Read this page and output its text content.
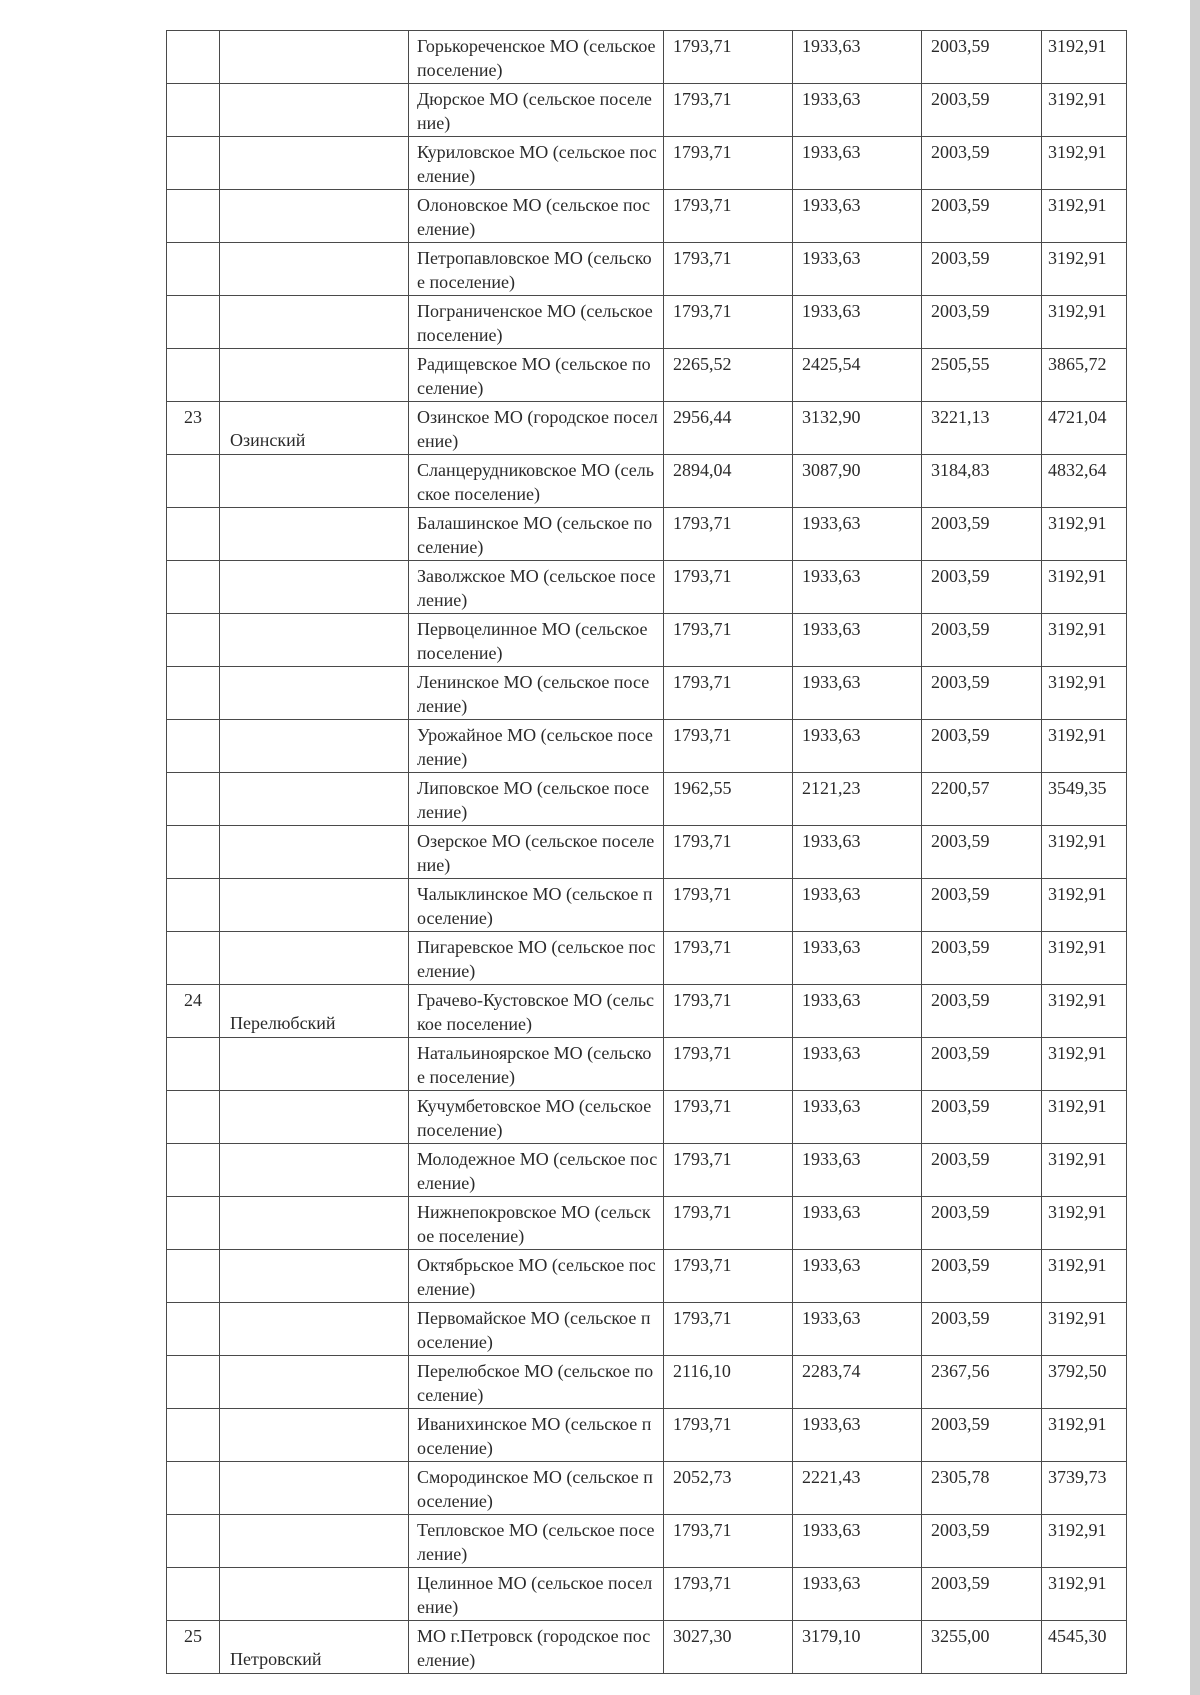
		Горькореченское МО (сельское поселение)	1793,71	1933,63	2003,59	3192,91
		Дюрское МО (сельское поселение)	1793,71	1933,63	2003,59	3192,91
		Куриловское МО (сельское поселение)	1793,71	1933,63	2003,59	3192,91
		Олоновское МО (сельское поселение)	1793,71	1933,63	2003,59	3192,91
		Петропавловское МО (сельское поселение)	1793,71	1933,63	2003,59	3192,91
		Пограниченское МО (сельское поселение)	1793,71	1933,63	2003,59	3192,91
		Радищевское МО (сельское поселение)	2265,52	2425,54	2505,55	3865,72
23	Озинский	Озинское МО (городское поселение)	2956,44	3132,90	3221,13	4721,04
		Сланцерудниковское МО (сельское поселение)	2894,04	3087,90	3184,83	4832,64
		Балашинское МО (сельское поселение)	1793,71	1933,63	2003,59	3192,91
		Заволжское МО (сельское поселение)	1793,71	1933,63	2003,59	3192,91
		Первоцелинное МО (сельское поселение)	1793,71	1933,63	2003,59	3192,91
		Ленинское МО (сельское поселение)	1793,71	1933,63	2003,59	3192,91
		Урожайное МО (сельское поселение)	1793,71	1933,63	2003,59	3192,91
		Липовское МО (сельское поселение)	1962,55	2121,23	2200,57	3549,35
		Озерское МО (сельское поселение)	1793,71	1933,63	2003,59	3192,91
		Чалыклинское МО (сельское поселение)	1793,71	1933,63	2003,59	3192,91
		Пигаревское МО (сельское поселение)	1793,71	1933,63	2003,59	3192,91
24	Перелюбский	Грачево-Кустовское МО (сельское поселение)	1793,71	1933,63	2003,59	3192,91
		Натальиноярское МО (сельское поселение)	1793,71	1933,63	2003,59	3192,91
		Кучумбетовское МО (сельское поселение)	1793,71	1933,63	2003,59	3192,91
		Молодежное МО (сельское поселение)	1793,71	1933,63	2003,59	3192,91
		Нижнепокровское МО (сельское поселение)	1793,71	1933,63	2003,59	3192,91
		Октябрьское МО (сельское поселение)	1793,71	1933,63	2003,59	3192,91
		Первомайское МО (сельское поселение)	1793,71	1933,63	2003,59	3192,91
		Перелюбское МО (сельское поселение)	2116,10	2283,74	2367,56	3792,50
		Иванихинское МО (сельское поселение)	1793,71	1933,63	2003,59	3192,91
		Смородинское МО (сельское поселение)	2052,73	2221,43	2305,78	3739,73
		Тепловское МО (сельское поселение)	1793,71	1933,63	2003,59	3192,91
		Целинное МО (сельское поселение)	1793,71	1933,63	2003,59	3192,91
25	Петровский	МО г.Петровск (городское поселение)	3027,30	3179,10	3255,00	4545,30
